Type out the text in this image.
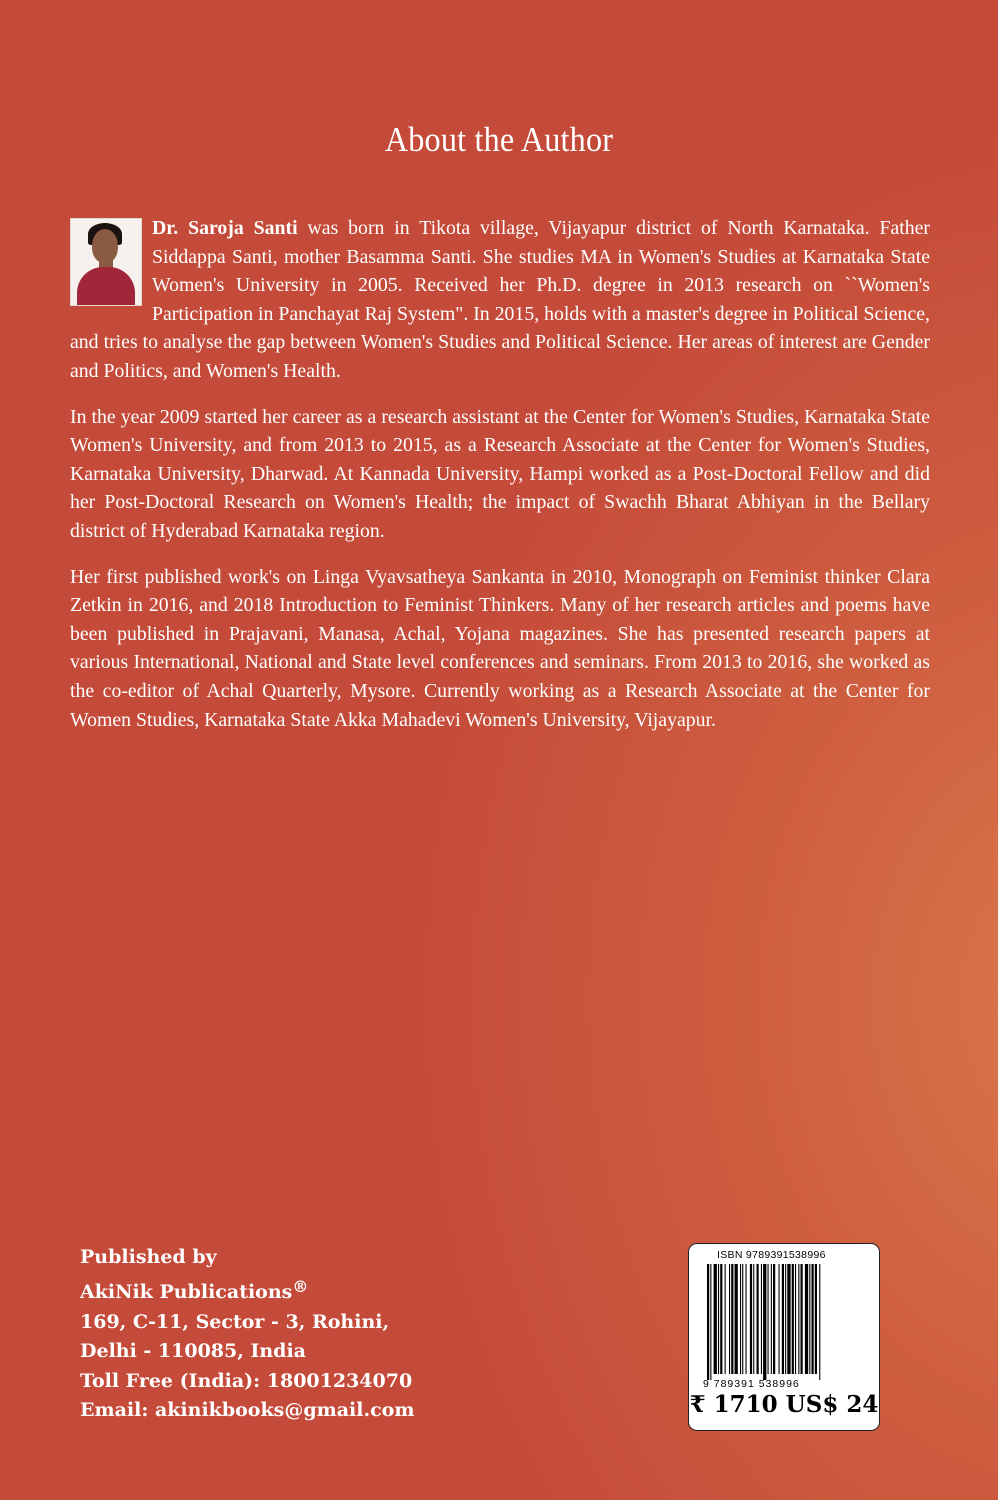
About the Author

Dr. Saroja Santi was born in Tikota village, Vijayapur district of North Karnataka. Father Siddappa Santi, mother Basamma Santi. She studies MA in Women's Studies at Karnataka State Women's University in 2005. Received her Ph.D. degree in 2013 research on ``Women's Participation in Panchayat Raj System". In 2015, holds with a master's degree in Political Science, and tries to analyse the gap between Women's Studies and Political Science. Her areas of interest are Gender and Politics, and Women's Health.

In the year 2009 started her career as a research assistant at the Center for Women's Studies, Karnataka State Women's University, and from 2013 to 2015, as a Research Associate at the Center for Women's Studies, Karnataka University, Dharwad. At Kannada University, Hampi worked as a Post-Doctoral Fellow and did her Post-Doctoral Research on Women's Health; the impact of Swachh Bharat Abhiyan in the Bellary district of Hyderabad Karnataka region.

Her first published work's on Linga Vyavsatheya Sankanta in 2010, Monograph on Feminist thinker Clara Zetkin in 2016, and 2018 Introduction to Feminist Thinkers. Many of her research articles and poems have been published in Prajavani, Manasa, Achal, Yojana magazines. She has presented research papers at various International, National and State level conferences and seminars. From 2013 to 2016, she worked as the co-editor of Achal Quarterly, Mysore. Currently working as a Research Associate at the Center for Women Studies, Karnataka State Akka Mahadevi Women's University, Vijayapur.

Published by
AkiNik Publications®
169, C-11, Sector - 3, Rohini,
Delhi - 110085, India
Toll Free (India): 18001234070
Email: akinikbooks@gmail.com
ISBN 9789391538996
9 789391 538996
₹ 1710 US$ 24
